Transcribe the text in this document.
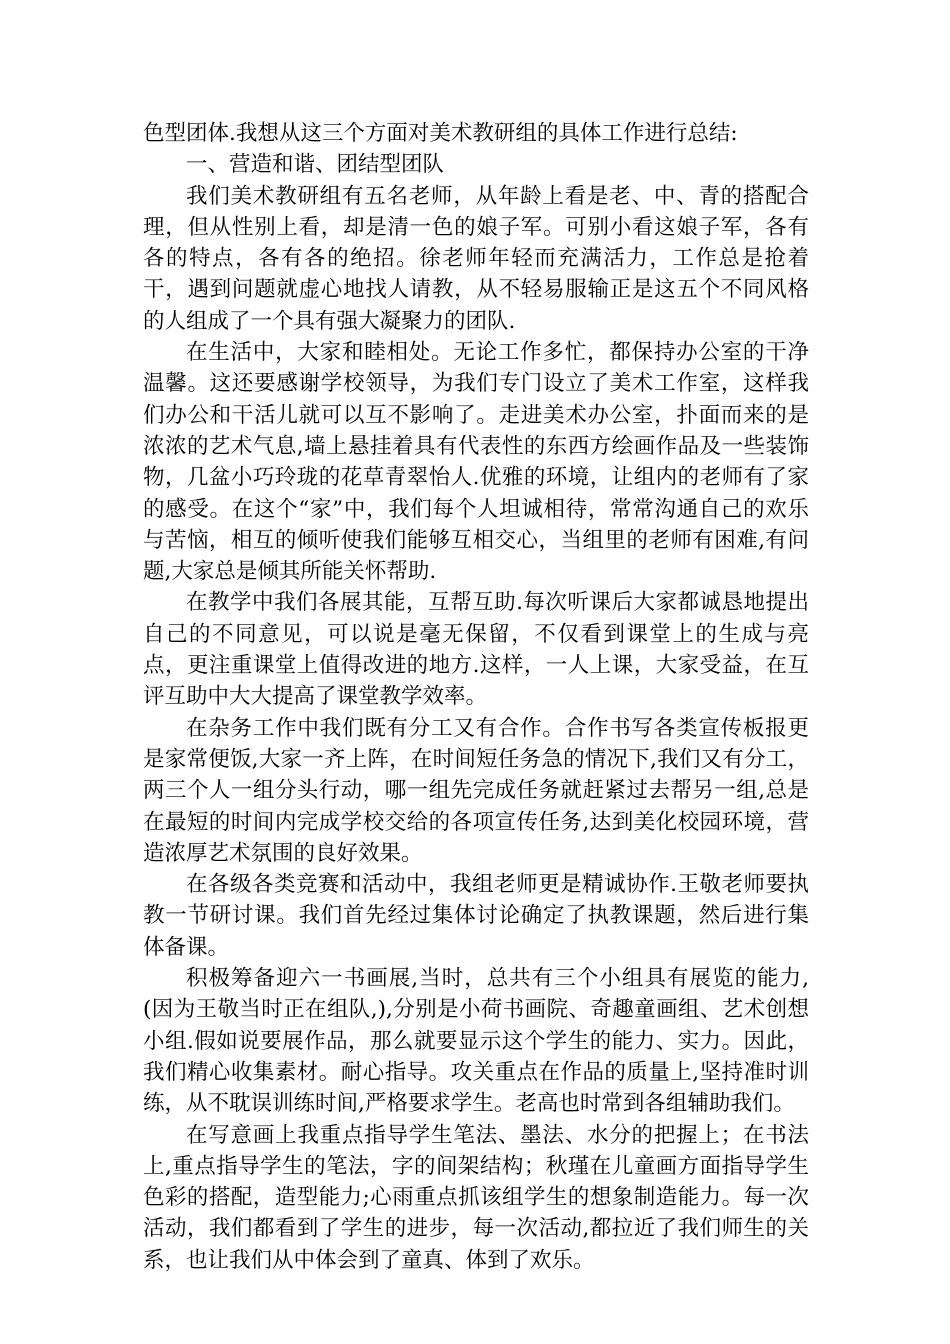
色型团体.我想从这三个方面对美术教研组的具体工作进行总结:

一、营造和谐、团结型团队

我们美术教研组有五名老师，从年龄上看是老、中、青的搭配合理，但从性别上看，却是清一色的娘子军。可别小看这娘子军，各有各的特点，各有各的绝招。徐老师年轻而充满活力，工作总是抢着干，遇到问题就虚心地找人请教，从不轻易服输正是这五个不同风格的人组成了一个具有强大凝聚力的团队.

在生活中，大家和睦相处。无论工作多忙，都保持办公室的干净温馨。这还要感谢学校领导，为我们专门设立了美术工作室，这样我们办公和干活儿就可以互不影响了。走进美术办公室，扑面而来的是浓浓的艺术气息,墙上悬挂着具有代表性的东西方绘画作品及一些装饰物，几盆小巧玲珑的花草青翠怡人.优雅的环境，让组内的老师有了家的感受。在这个“家”中，我们每个人坦诚相待，常常沟通自己的欢乐与苦恼，相互的倾听使我们能够互相交心，当组里的老师有困难,有问题,大家总是倾其所能关怀帮助.

在教学中我们各展其能，互帮互助.每次听课后大家都诚恳地提出自己的不同意见，可以说是毫无保留，不仅看到课堂上的生成与亮点，更注重课堂上值得改进的地方.这样，一人上课，大家受益，在互评互助中大大提高了课堂教学效率。

在杂务工作中我们既有分工又有合作。合作书写各类宣传板报更是家常便饭,大家一齐上阵，在时间短任务急的情况下,我们又有分工，两三个人一组分头行动，哪一组先完成任务就赶紧过去帮另一组,总是在最短的时间内完成学校交给的各项宣传任务,达到美化校园环境，营造浓厚艺术氛围的良好效果。

在各级各类竞赛和活动中，我组老师更是精诚协作.王敬老师要执教一节研讨课。我们首先经过集体讨论确定了执教课题，然后进行集体备课。

积极筹备迎六一书画展,当时，总共有三个小组具有展览的能力,(因为王敬当时正在组队,),分别是小荷书画院、奇趣童画组、艺术创想小组.假如说要展作品，那么就要显示这个学生的能力、实力。因此，我们精心收集素材。耐心指导。攻关重点在作品的质量上,坚持准时训练，从不耽误训练时间,严格要求学生。老高也时常到各组辅助我们。

在写意画上我重点指导学生笔法、墨法、水分的把握上；在书法上,重点指导学生的笔法，字的间架结构；秋瑾在儿童画方面指导学生色彩的搭配，造型能力;心雨重点抓该组学生的想象制造能力。每一次活动，我们都看到了学生的进步，每一次活动,都拉近了我们师生的关系，也让我们从中体会到了童真、体到了欢乐。
